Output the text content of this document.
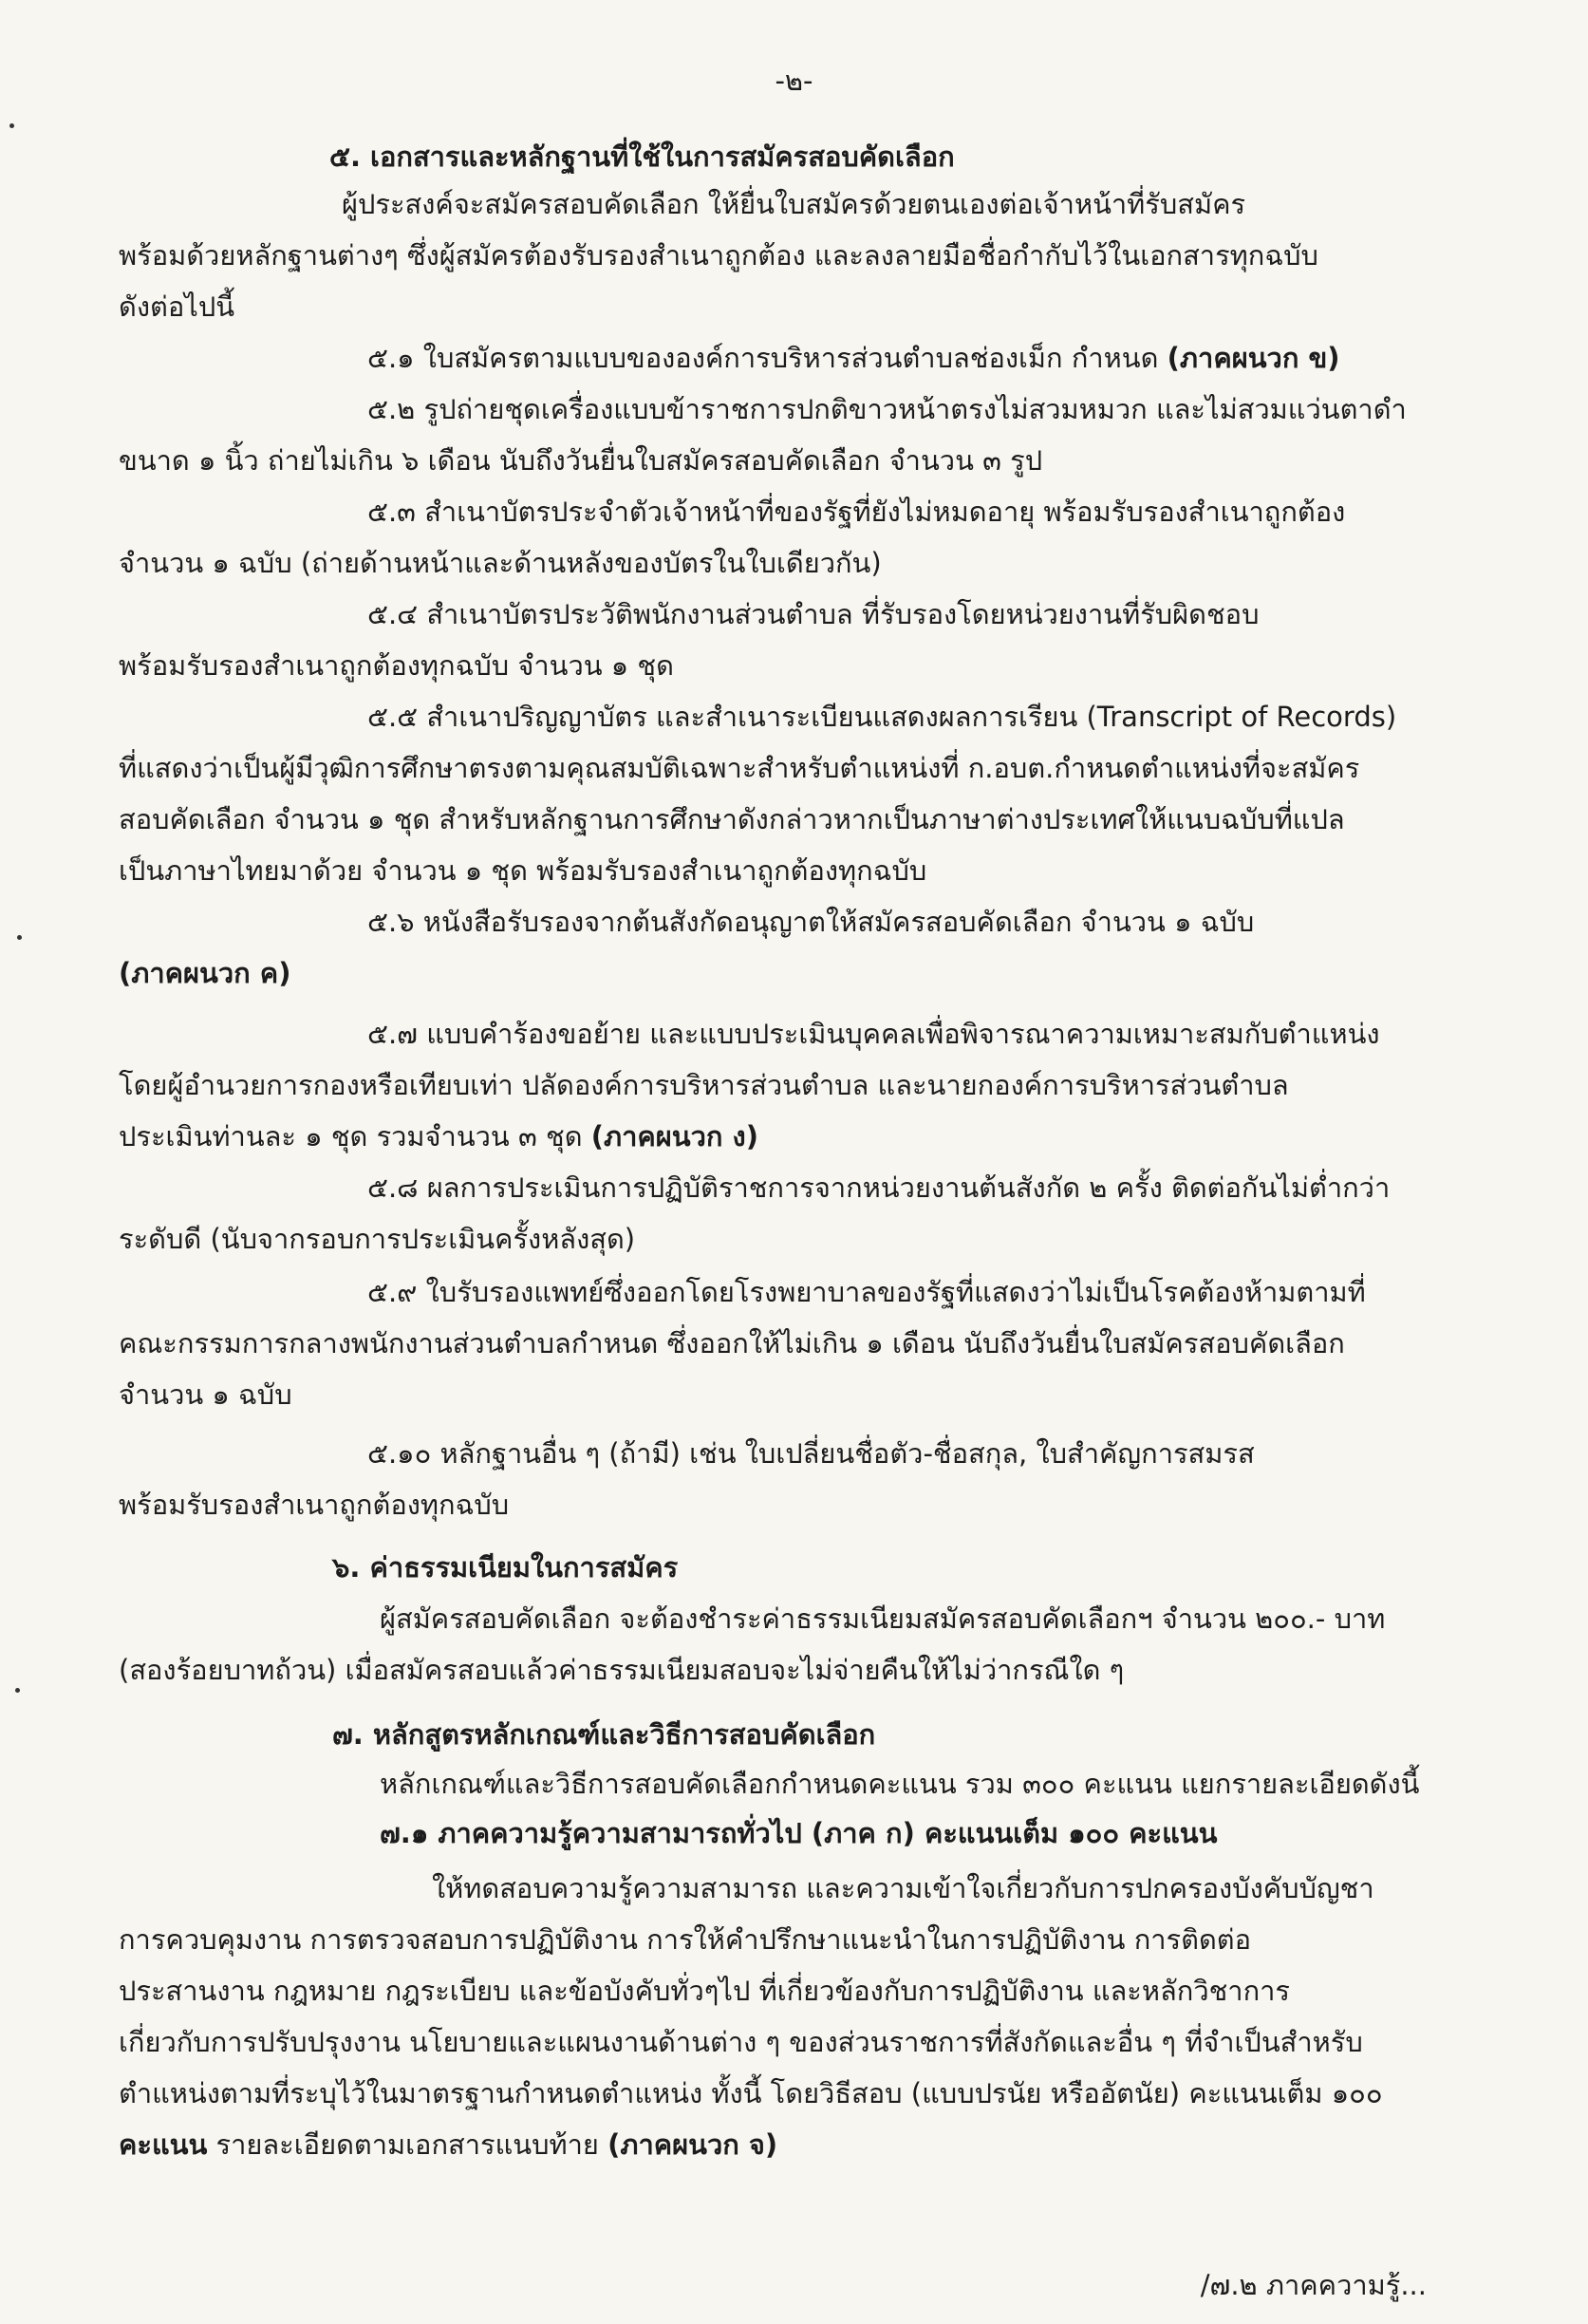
-๒-
๕. เอกสารและหลักฐานที่ใช้ในการสมัครสอบคัดเลือก
ผู้ประสงค์จะสมัครสอบคัดเลือก ให้ยื่นใบสมัครด้วยตนเองต่อเจ้าหน้าที่รับสมัคร
พร้อมด้วยหลักฐานต่างๆ ซึ่งผู้สมัครต้องรับรองสำเนาถูกต้อง และลงลายมือชื่อกำกับไว้ในเอกสารทุกฉบับ
ดังต่อไปนี้
๕.๑ ใบสมัครตามแบบขององค์การบริหารส่วนตำบลช่องเม็ก กำหนด (ภาคผนวก ข)
๕.๒ รูปถ่ายชุดเครื่องแบบข้าราชการปกติขาวหน้าตรงไม่สวมหมวก และไม่สวมแว่นตาดำ
ขนาด ๑ นิ้ว ถ่ายไม่เกิน ๖ เดือน นับถึงวันยื่นใบสมัครสอบคัดเลือก จำนวน ๓ รูป
๕.๓ สำเนาบัตรประจำตัวเจ้าหน้าที่ของรัฐที่ยังไม่หมดอายุ พร้อมรับรองสำเนาถูกต้อง
จำนวน ๑ ฉบับ (ถ่ายด้านหน้าและด้านหลังของบัตรในใบเดียวกัน)
๕.๔ สำเนาบัตรประวัติพนักงานส่วนตำบล ที่รับรองโดยหน่วยงานที่รับผิดชอบ
พร้อมรับรองสำเนาถูกต้องทุกฉบับ จำนวน ๑ ชุด
๕.๕ สำเนาปริญญาบัตร และสำเนาระเบียนแสดงผลการเรียน (Transcript of Records)
ที่แสดงว่าเป็นผู้มีวุฒิการศึกษาตรงตามคุณสมบัติเฉพาะสำหรับตำแหน่งที่ ก.อบต.กำหนดตำแหน่งที่จะสมัคร
สอบคัดเลือก จำนวน ๑ ชุด สำหรับหลักฐานการศึกษาดังกล่าวหากเป็นภาษาต่างประเทศให้แนบฉบับที่แปล
เป็นภาษาไทยมาด้วย จำนวน ๑ ชุด พร้อมรับรองสำเนาถูกต้องทุกฉบับ
๕.๖ หนังสือรับรองจากต้นสังกัดอนุญาตให้สมัครสอบคัดเลือก จำนวน ๑ ฉบับ
(ภาคผนวก ค)
๕.๗ แบบคำร้องขอย้าย และแบบประเมินบุคคลเพื่อพิจารณาความเหมาะสมกับตำแหน่ง
โดยผู้อำนวยการกองหรือเทียบเท่า ปลัดองค์การบริหารส่วนตำบล และนายกองค์การบริหารส่วนตำบล
ประเมินท่านละ ๑ ชุด รวมจำนวน ๓ ชุด (ภาคผนวก ง)
๕.๘ ผลการประเมินการปฏิบัติราชการจากหน่วยงานต้นสังกัด ๒ ครั้ง ติดต่อกันไม่ต่ำกว่า
ระดับดี (นับจากรอบการประเมินครั้งหลังสุด)
๕.๙ ใบรับรองแพทย์ซึ่งออกโดยโรงพยาบาลของรัฐที่แสดงว่าไม่เป็นโรคต้องห้ามตามที่
คณะกรรมการกลางพนักงานส่วนตำบลกำหนด ซึ่งออกให้ไม่เกิน ๑ เดือน นับถึงวันยื่นใบสมัครสอบคัดเลือก
จำนวน ๑ ฉบับ
๕.๑๐ หลักฐานอื่น ๆ (ถ้ามี) เช่น ใบเปลี่ยนชื่อตัว-ชื่อสกุล, ใบสำคัญการสมรส
พร้อมรับรองสำเนาถูกต้องทุกฉบับ
๖. ค่าธรรมเนียมในการสมัคร
ผู้สมัครสอบคัดเลือก จะต้องชำระค่าธรรมเนียมสมัครสอบคัดเลือกฯ จำนวน ๒๐๐.- บาท
(สองร้อยบาทถ้วน) เมื่อสมัครสอบแล้วค่าธรรมเนียมสอบจะไม่จ่ายคืนให้ไม่ว่ากรณีใด ๆ
๗. หลักสูตรหลักเกณฑ์และวิธีการสอบคัดเลือก
หลักเกณฑ์และวิธีการสอบคัดเลือกกำหนดคะแนน รวม ๓๐๐ คะแนน แยกรายละเอียดดังนี้
๗.๑ ภาคความรู้ความสามารถทั่วไป (ภาค ก) คะแนนเต็ม ๑๐๐ คะแนน
ให้ทดสอบความรู้ความสามารถ และความเข้าใจเกี่ยวกับการปกครองบังคับบัญชา
การควบคุมงาน การตรวจสอบการปฏิบัติงาน การให้คำปรึกษาแนะนำในการปฏิบัติงาน การติดต่อ
ประสานงาน กฎหมาย กฎระเบียบ และข้อบังคับทั่วๆไป ที่เกี่ยวข้องกับการปฏิบัติงาน และหลักวิชาการ
เกี่ยวกับการปรับปรุงงาน นโยบายและแผนงานด้านต่าง ๆ ของส่วนราชการที่สังกัดและอื่น ๆ ที่จำเป็นสำหรับ
ตำแหน่งตามที่ระบุไว้ในมาตรฐานกำหนดตำแหน่ง ทั้งนี้ โดยวิธีสอบ (แบบปรนัย หรืออัตนัย) คะแนนเต็ม ๑๐๐
คะแนน รายละเอียดตามเอกสารแนบท้าย (ภาคผนวก จ)
/๗.๒ ภาคความรู้...
